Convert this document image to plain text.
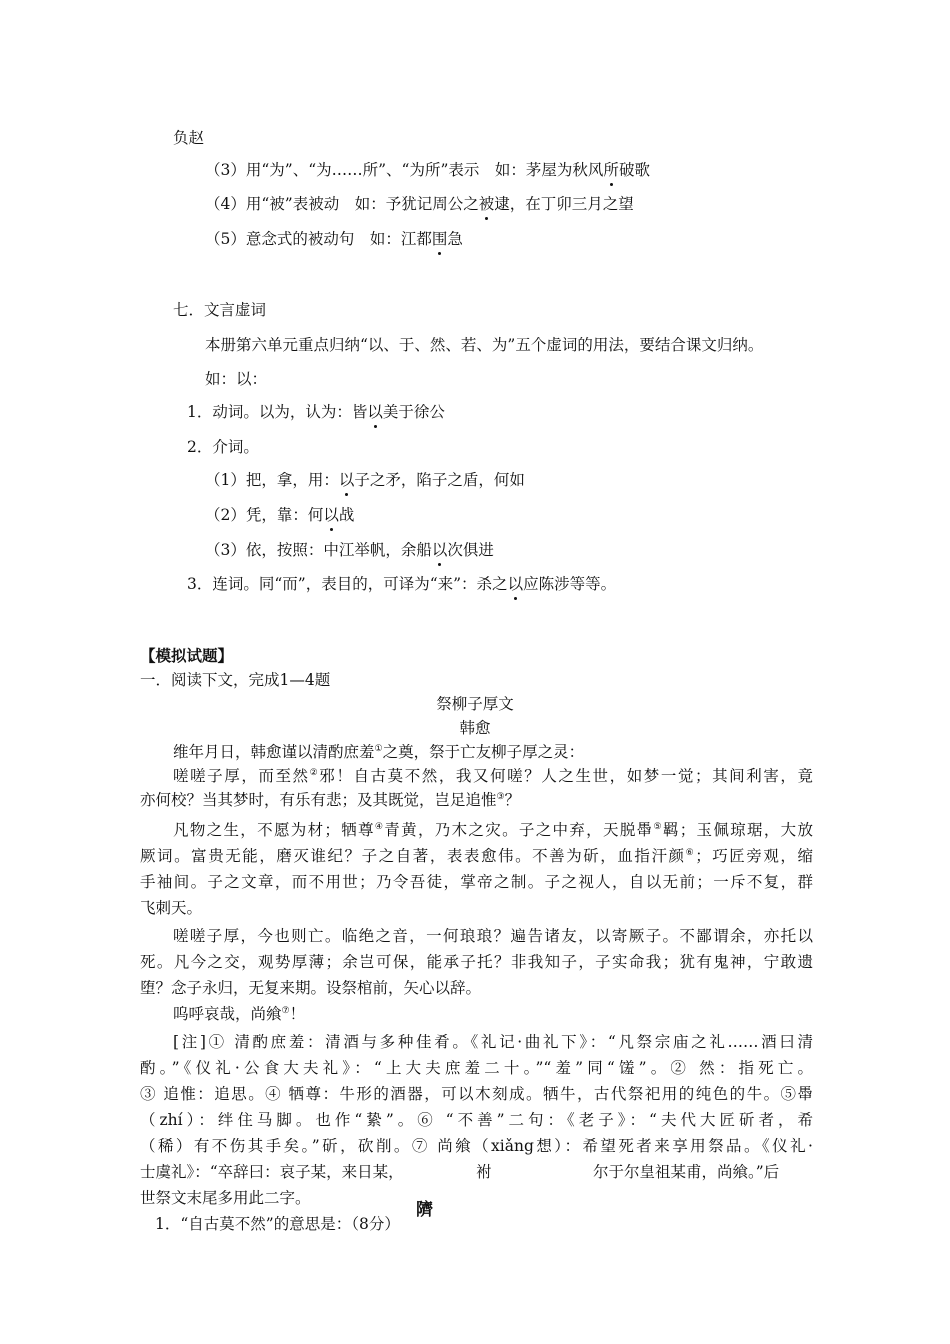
负赵
（3）用“为”、“为……所”、“为所”表示　如：茅屋为秋风所破歌
（4）用“被”表被动　如：予犹记周公之被逮，在丁卯三月之望
（5）意念式的被动句　如：江都围急
七．文言虚词
本册第六单元重点归纳“以、于、然、若、为”五个虚词的用法，要结合课文归纳。
如：以：
1．动词。以为，认为：皆以美于徐公
2．介词。
（1）把，拿，用：以子之矛，陷子之盾，何如
（2）凭，靠：何以战
（3）依，按照：中江举帆，余船以次俱进
3．连词。同“而”，表目的，可译为“来”：杀之以应陈涉等等。
【模拟试题】
一．阅读下文，完成1—4题
祭柳子厚文
韩愈
维年月日，韩愈谨以清酌庶羞①之奠，祭于亡友柳子厚之灵：
嗟嗟子厚，而至然②邪！自古莫不然，我又何嗟？人之生世，如梦一觉；其间利害，竟
亦何校？当其梦时，有乐有悲；及其既觉，岂足追惟③？
凡物之生，不愿为材；牺尊④青黄，乃木之灾。子之中弃，天脱馽⑤羁；玉佩琼琚，大放
厥词。富贵无能，磨灭谁纪？子之自著，表表愈伟。不善为斫，血指汗颜⑥；巧匠旁观，缩
手袖间。子之文章，而不用世；乃令吾徒，掌帝之制。子之视人，自以无前；一斥不复，群
飞刺天。
嗟嗟子厚，今也则亡。临绝之音，一何琅琅？遍告诸友，以寄厥子。不鄙谓余，亦托以
死。凡今之交，观势厚薄；余岂可保，能承子托？非我知子，子实命我；犹有鬼神，宁敢遗
堕？念子永归，无复来期。设祭棺前，矢心以辞。
呜呼哀哉，尚飨⑦！
[注]① 清酌庶羞：清酒与多种佳肴。《礼记·曲礼下》：“凡祭宗庙之礼……酒曰清
酌。”《仪礼·公食大夫礼》：“上大夫庶羞二十。”“羞”同“馐”。② 然：指死亡。
③ 追惟：追思。④ 牺尊：牛形的酒器，可以木刻成。牺牛，古代祭祀用的纯色的牛。⑤馽
（zhí）：绊住马脚。也作“絷”。⑥ “不善”二句：《老子》：“夫代大匠斫者，希
（稀）有不伤其手矣。”斫，砍削。⑦ 尚飨（xiǎng想）：希望死者来享用祭品。《仪礼·
士虞礼》：“卒辞曰：哀子某，来日某，	袝	尔于尔皇祖某甫，尚飨。”后
世祭文末尾多用此二字。
隮
1．“自古莫不然”的意思是：（8分）
